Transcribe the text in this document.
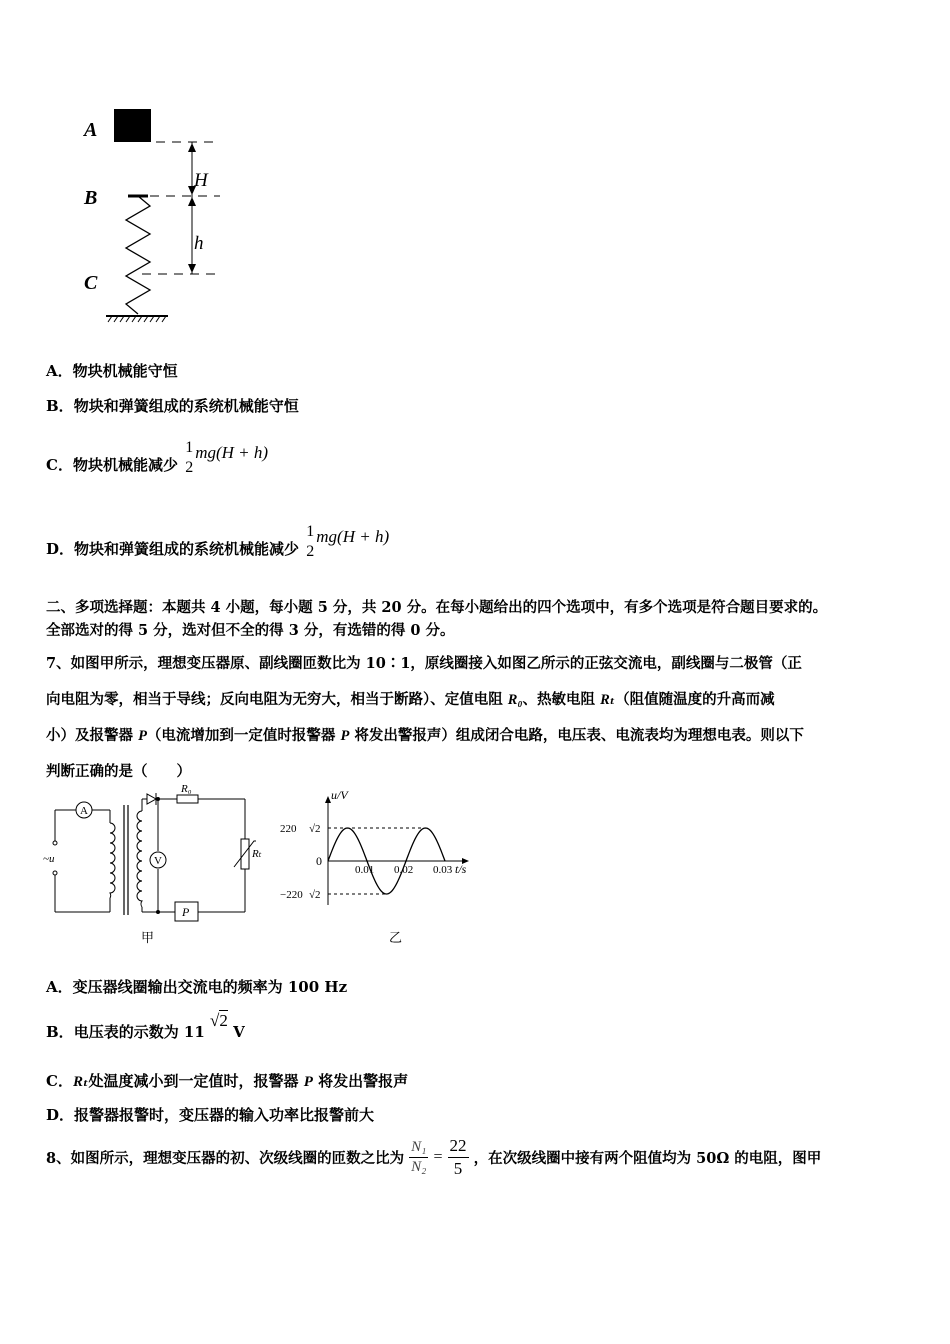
A
B
C
H
h
A．物块机械能守恒
B．物块和弹簧组成的系统机械能守恒
C．物块机械能减少
1
2
mg(H + h)
D．物块和弹簧组成的系统机械能减少
1
2
mg(H + h)
二、多项选择题：本题共 4 小题，每小题 5 分，共 20 分。在每小题给出的四个选项中，有多个选项是符合题目要求的。
全部选对的得 5 分，选对但不全的得 3 分，有选错的得 0 分。
7、如图甲所示，理想变压器原、副线圈匝数比为 10∶1，原线圈接入如图乙所示的正弦交流电，副线圈与二极管（正
向电阻为零，相当于导线；反向电阻为无穷大，相当于断路）、定值电阻 R₀、热敏电阻 Rₜ（阻值随温度的升高而减
小）及报警器 P（电流增加到一定值时报警器 P 将发出警报声）组成闭合电路，电压表、电流表均为理想电表。则以下
判断正确的是（　　）
A
~u
R₀
V
Rₜ
P
甲
u/V
t/s
0
0.01 0.02 0.03
220 √2
−220 √2
乙
A．变压器线圈输出交流电的频率为 100 Hz
B．电压表的示数为 11 √2 V
C．Rₜ处温度减小到一定值时，报警器 P 将发出警报声
D．报警器报警时，变压器的输入功率比报警前大
8、如图所示，理想变压器的初、次级线圈的匝数之比为 $\frac{\text{N₁}}{\text{N₂}} = \frac{22}{5}$ ，在次级线圈中接有两个阻值均为 50Ω 的电阻，图甲
